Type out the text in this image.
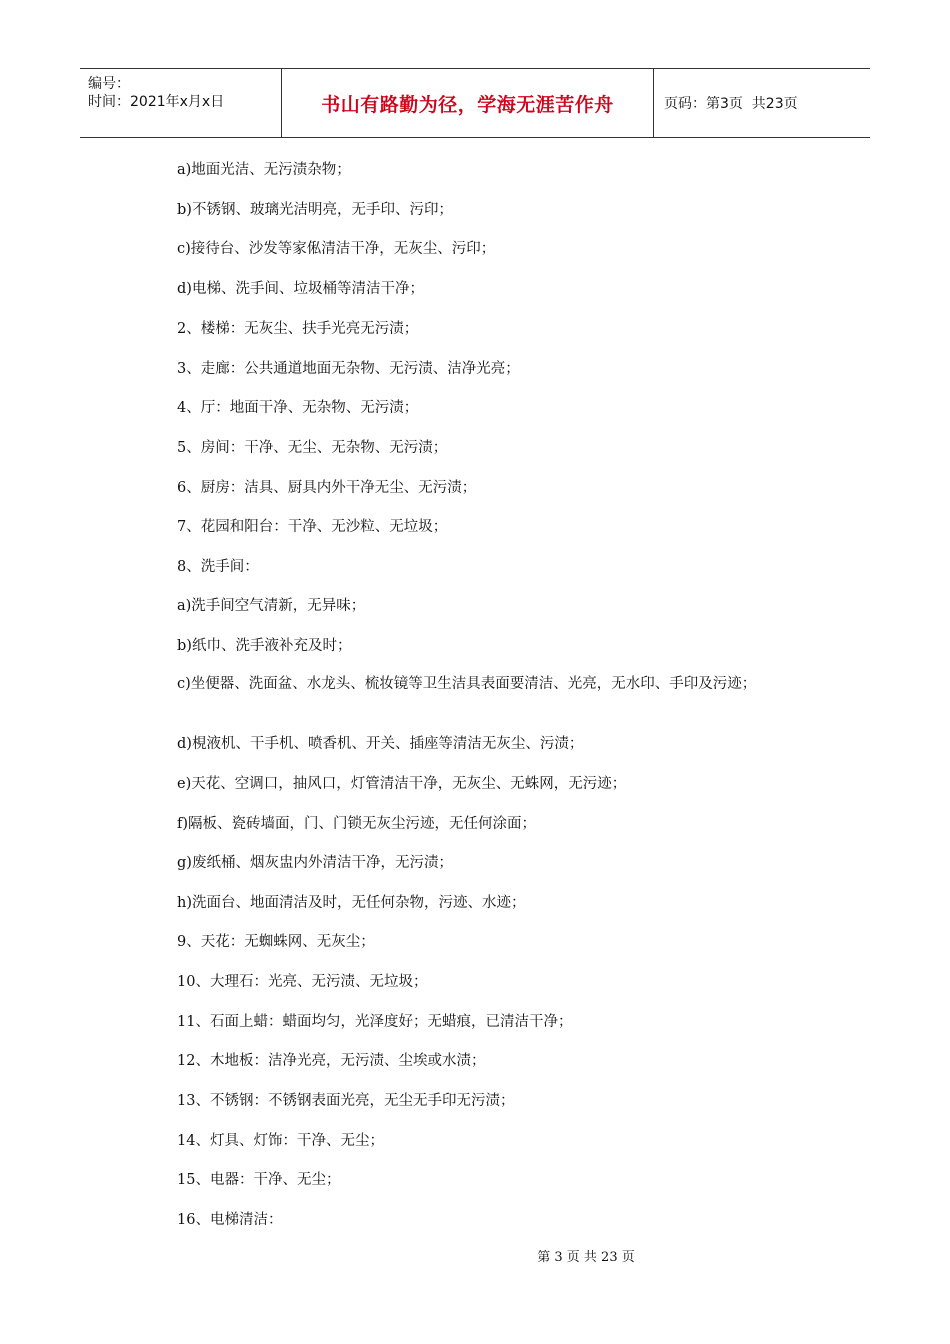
编号：
时间：2021年x月x日	书山有路勤为径，学海无涯苦作舟	页码：第3页  共23页
a)地面光洁、无污渍杂物；
b)不锈钢、玻璃光洁明亮，无手印、污印；
c)接待台、沙发等家俬清洁干净，无灰尘、污印；
d)电梯、洗手间、垃圾桶等清洁干净；
2、楼梯：无灰尘、扶手光亮无污渍；
3、走廊：公共通道地面无杂物、无污渍、洁净光亮；
4、厅：地面干净、无杂物、无污渍；
5、房间：干净、无尘、无杂物、无污渍；
6、厨房：洁具、厨具内外干净无尘、无污渍；
7、花园和阳台：干净、无沙粒、无垃圾；
8、洗手间：
a)洗手间空气清新，无异味；
b)纸巾、洗手液补充及时；
c)坐便器、洗面盆、水龙头、梳妆镜等卫生洁具表面要清洁、光亮，无水印、手印及污迹；
d)梘液机、干手机、喷香机、开关、插座等清洁无灰尘、污渍；
e)天花、空调口，抽风口，灯管清洁干净，无灰尘、无蛛网，无污迹；
f)隔板、瓷砖墙面，门、门锁无灰尘污迹，无任何涂面；
g)废纸桶、烟灰盅内外清洁干净，无污渍；
h)洗面台、地面清洁及时，无任何杂物，污迹、水迹；
9、天花：无蜘蛛网、无灰尘；
10、大理石：光亮、无污渍、无垃圾；
11、石面上蜡：蜡面均匀，光泽度好；无蜡痕，已清洁干净；
12、木地板：洁净光亮，无污渍、尘埃或水渍；
13、不锈钢：不锈钢表面光亮，无尘无手印无污渍；
14、灯具、灯饰：干净、无尘；
15、电器：干净、无尘；
16、电梯清洁：
第 3 页 共 23 页
